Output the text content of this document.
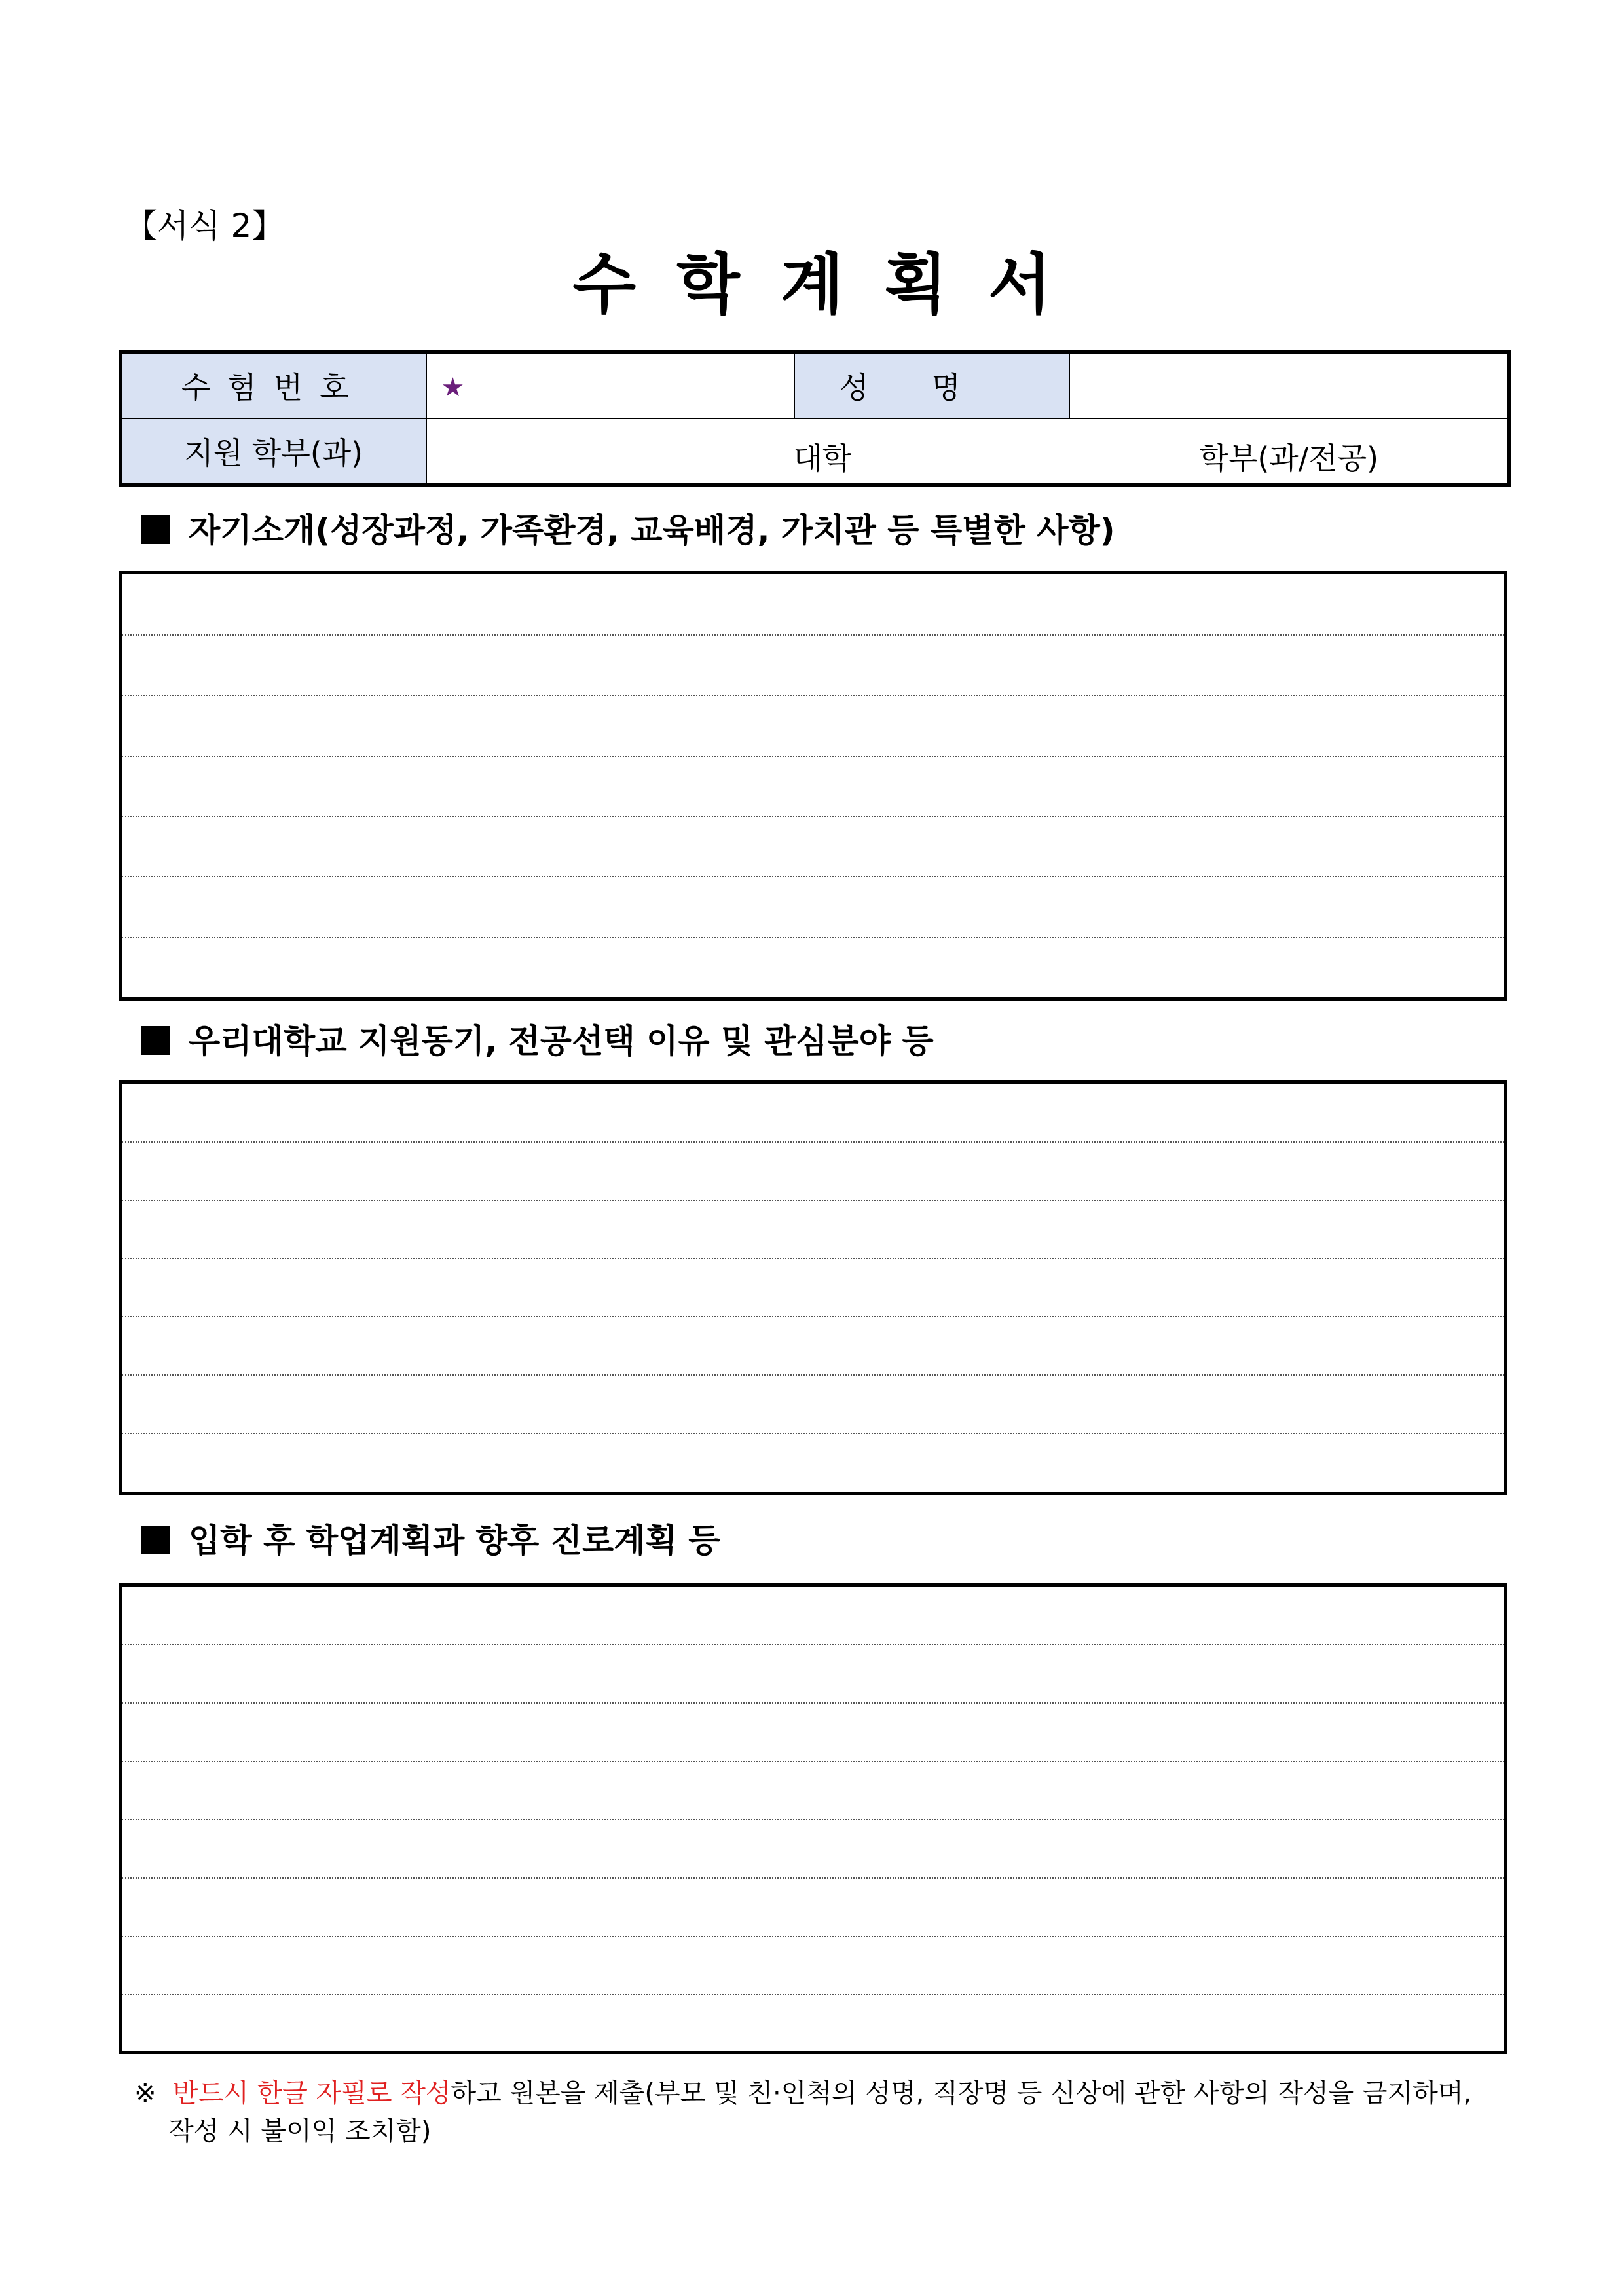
【서식 2】
수학계획서
수험번호	★	성명	
지원 학부(과)	대학 학부(과/전공)		
자기소개(성장과정, 가족환경, 교육배경, 가치관 등 특별한 사항)
우리대학교 지원동기, 전공선택 이유 및 관심분야 등
입학 후 학업계획과 향후 진로계획 등
※ 반드시 한글 자필로 작성하고 원본을 제출(부모 및 친·인척의 성명, 직장명 등 신상에 관한 사항의 작성을 금지하며,
작성 시 불이익 조치함)
